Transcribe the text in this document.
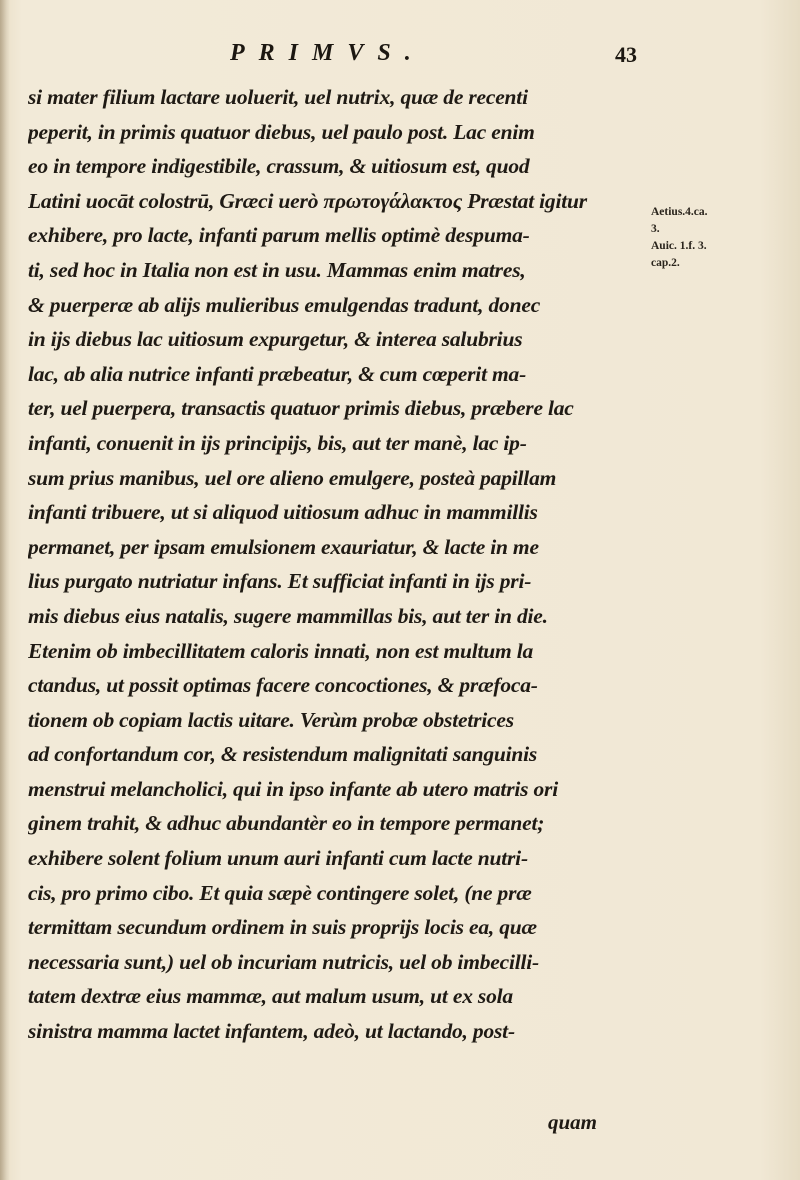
PRIMVS.	43
si mater filium lactare uoluerit, uel nutrix, quæ de recenti
peperit, in primis quatuor diebus, uel paulo post. Lac enim
eo in tempore indigestibile, crassum, & uitiosum est, quod
Latini uocāt colostrū, Græci uerò πρωτογάλακτος Præstat igitur
exhibere, pro lacte, infanti parum mellis optimè despuma-
ti, sed hoc in Italia non est in usu. Mammas enim matres,
& puerperæ ab alijs mulieribus emulgendas tradunt, donec
in ijs diebus lac uitiosum expurgetur, & interea salubrius
lac, ab alia nutrice infanti præbeatur, & cum cœperit ma-
ter, uel puerpera, transactis quatuor primis diebus, præbere lac
infanti, conuenit in ijs principijs, bis, aut ter manè, lac ip-
sum prius manibus, uel ore alieno emulgere, posteà papillam
infanti tribuere, ut si aliquod uitiosum adhuc in mammillis
permanet, per ipsam emulsionem exauriatur, & lacte in me
lius purgato nutriatur infans. Et sufficiat infanti in ijs pri-
mis diebus eius natalis, sugere mammillas bis, aut ter in die.
Etenim ob imbecillitatem caloris innati, non est multum la
ctandus, ut possit optimas facere concoctiones, & præfoca-
tionem ob copiam lactis uitare. Verùm probæ obstetrices
ad confortandum cor, & resistendum malignitati sanguinis
menstrui melancholici, qui in ipso infante ab utero matris ori
ginem trahit, & adhuc abundantèr eo in tempore permanet;
exhibere solent folium unum auri infanti cum lacte nutri-
cis, pro primo cibo. Et quia sæpè contingere solet, (ne præ
termittam secundum ordinem in suis proprijs locis ea, quæ
necessaria sunt,) uel ob incuriam nutricis, uel ob imbecilli-
tatem dextræ eius mammæ, aut malum usum, ut ex sola
sinistra mamma lactet infantem, adeò, ut lactando, post-
quam
Aetius.4.ca.
3.
Auic. 1.f. 3.
cap.2.
